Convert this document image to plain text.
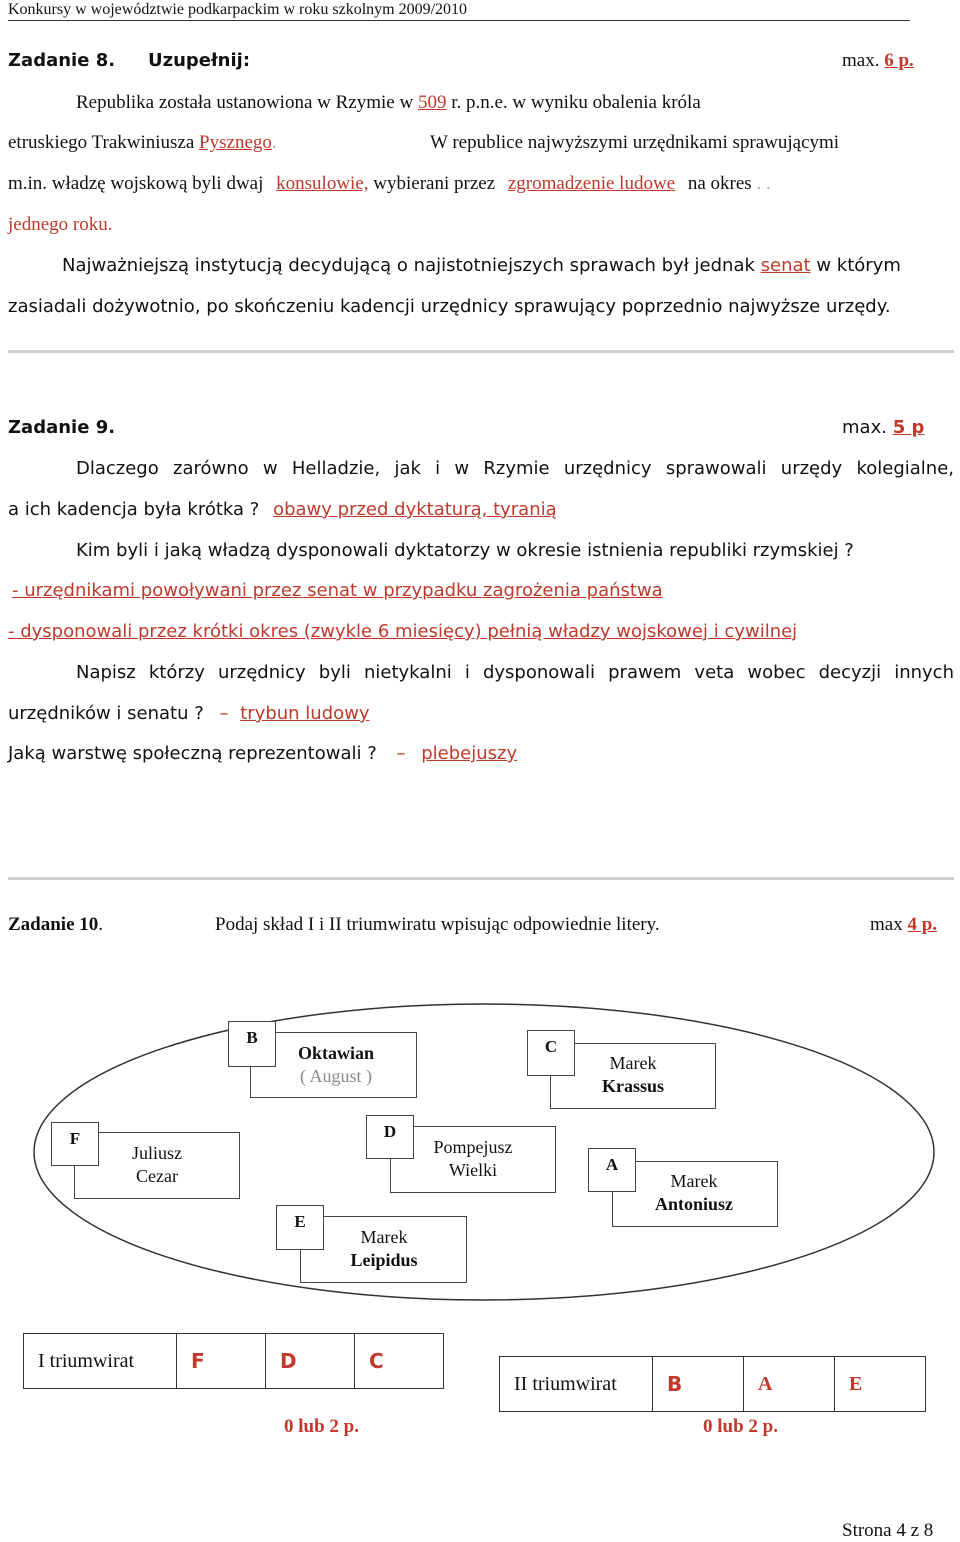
Konkursy w województwie podkarpackim w roku szkolnym 2009/2010
Zadanie 8. Uzupełnij:	max. 6 p.
Republika została ustanowiona w Rzymie w 509 r. p.n.e. w wyniku obalenia króla
etruskiego Trakwiniusza Pysznego.	W republice najwyższymi urzędnikami sprawującymi
m.in. władzę wojskową byli dwaj konsulowie, wybierani przez zgromadzenie ludowe na okres . .
jednego roku.
Najważniejszą instytucją decydującą o najistotniejszych sprawach był jednak senat w którym
zasiadali dożywotnio, po skończeniu kadencji urzędnicy sprawujący poprzednio najwyższe urzędy.
Zadanie 9.	max. 5 p
Dlaczego zarówno w Helladzie, jak i w Rzymie urzędnicy sprawowali urzędy kolegialne,
a ich kadencja była krótka ? obawy przed dyktaturą, tyranią
Kim byli i jaką władzą dysponowali dyktatorzy w okresie istnienia republiki rzymskiej ?
- urzędnikami powoływani przez senat w przypadku zagrożenia państwa
- dysponowali przez krótki okres (zwykle 6 miesięcy) pełnią władzy wojskowej i cywilnej
Napisz którzy urzędnicy byli nietykalni i dysponowali prawem veta wobec decyzji innych
urzędników i senatu ? – trybun ludowy
Jaką warstwę społeczną reprezentowali ? – plebejuszy
Zadanie 10.	Podaj skład I i II triumwiratu wpisując odpowiednie litery.	max 4 p.
B
Oktawian
( August )
C
Marek
Krassus
F
Juliusz
Cezar
D
Pompejusz
Wielki	A
Marek
Antoniusz
E
Marek
Leipidus
I triumwirat	F	D	C
0 lub 2 p.
II triumwirat	B	A	E
0 lub 2 p.
Strona 4 z 8
